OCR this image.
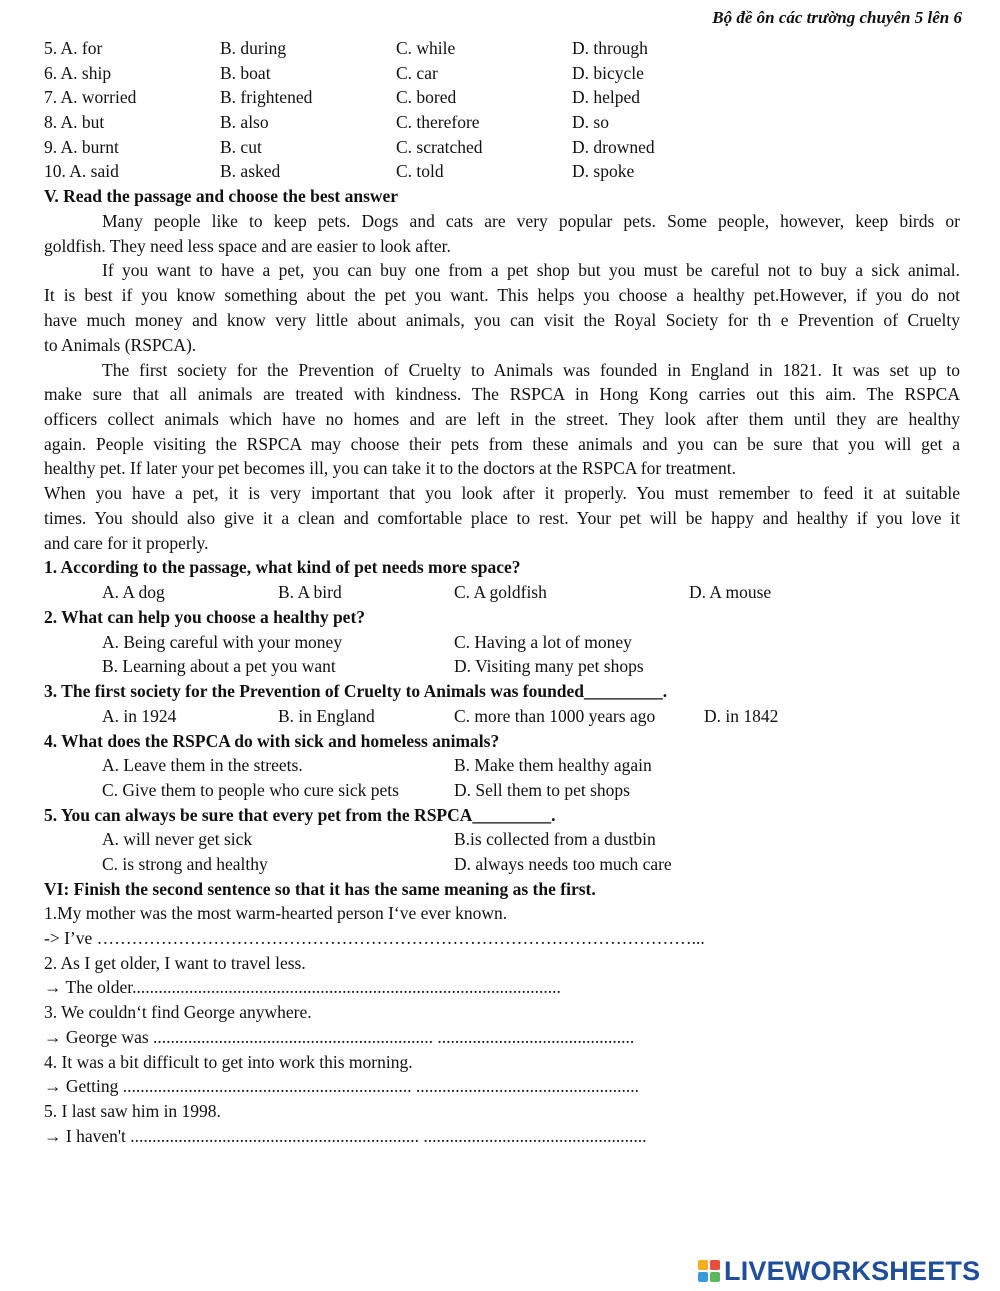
Bộ đề ôn các trường chuyên 5 lên 6
5. A. for	B. during	C. while	D. through
6. A. ship	B. boat	C. car	D. bicycle
7. A. worried	B. frightened	C. bored	D. helped
8. A. but	B. also	C. therefore	D. so
9. A. burnt	B. cut	C. scratched	D. drowned
10. A. said	B. asked	C. told	D. spoke
V. Read the passage and choose the best answer
Many people like to keep pets. Dogs and cats are very popular pets. Some people, however, keep birds or
goldfish. They need less space and are easier to look after.
If you want to have a pet, you can buy one from a pet shop but you must be careful not to buy a sick animal.
It is best if you know something about the pet you want. This helps you choose a healthy pet.However, if you do not
have much money and know very little about animals, you can visit the Royal Society for th e Prevention of Cruelty
to Animals (RSPCA).
The first society for the Prevention of Cruelty to Animals was founded in England in 1821. It was set up to
make sure that all animals are treated with kindness. The RSPCA in Hong Kong carries out this aim. The RSPCA
officers collect animals which have no homes and are left in the street. They look after them until they are healthy
again. People visiting the RSPCA may choose their pets from these animals and you can be sure that you will get a
healthy pet. If later your pet becomes ill, you can take it to the doctors at the RSPCA for treatment.
When you have a pet, it is very important that you look after it properly. You must remember to feed it at suitable
times. You should also give it a clean and comfortable place to rest. Your pet will be happy and healthy if you love it
and care for it properly.
1. According to the passage, what kind of pet needs more space?
A. A dog	B. A bird	C. A goldfish	D. A mouse
2. What can help you choose a healthy pet?
A. Being careful with your money	C. Having a lot of money
B. Learning about a pet you want	D. Visiting many pet shops
3. The first society for the Prevention of Cruelty to Animals was founded_________.
A. in 1924	B. in England	C. more than 1000 years ago	D. in 1842
4. What does the RSPCA do with sick and homeless animals?
A. Leave them in the streets.	B. Make them healthy again
C. Give them to people who cure sick pets	D. Sell them to pet shops
5. You can always be sure that every pet from the RSPCA_________.
A. will never get sick	B.is collected from a dustbin
C. is strong and healthy	D. always needs too much care
VI: Finish the second sentence so that it has the same meaning as the first.
1.My mother was the most warm-hearted person I‘ve ever known.
-> I’ve …………………………………………………………………………………………...
2. As I get older, I want to travel less.
→ The older..................................................................................................
3. We couldn‘t find George anywhere.
→ George was ................................................................ .............................................
4. It was a bit difficult to get into work this morning.
→ Getting .................................................................. ...................................................
5. I last saw him in 1998.
→ I haven't .................................................................. ...................................................
LIVEWORKSHEETS
